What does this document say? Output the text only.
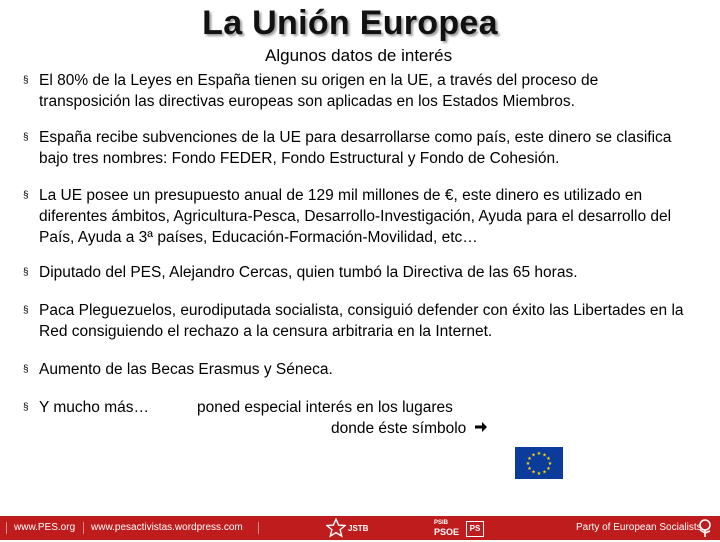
La Unión Europea
Algunos datos de interés
§ El 80% de la Leyes en España tienen su origen en la UE, a través del proceso de transposición las directivas europeas son aplicadas en los Estados Miembros.
§ España recibe subvenciones de la UE para desarrollarse como país, este dinero se clasifica bajo tres nombres: Fondo FEDER, Fondo Estructural y Fondo de Cohesión.
§ La UE posee un presupuesto anual de 129 mil millones de €, este dinero es utilizado en diferentes ámbitos, Agricultura-Pesca, Desarrollo-Investigación, Ayuda para el desarrollo del País, Ayuda a 3ª países, Educación-Formación-Movilidad, etc…
§ Diputado del PES, Alejandro Cercas, quien tumbó la Directiva de las 65 horas.
§ Paca Pleguezuelos, eurodiputada socialista, consiguió defender con éxito las Libertades en la Red consiguiendo el rechazo a la censura arbitraria en la Internet.
§ Aumento de las Becas Erasmus y Séneca.
§ Y mucho más…	poned especial interés en los lugares
donde éste símbolo
★ ★
★
★
★
★
★
★
★
★
★
★
www.PES.org www.pesactivistas.wordpress.com	JSTB
PSIB
PSOE	PS	Party of European Socialists
